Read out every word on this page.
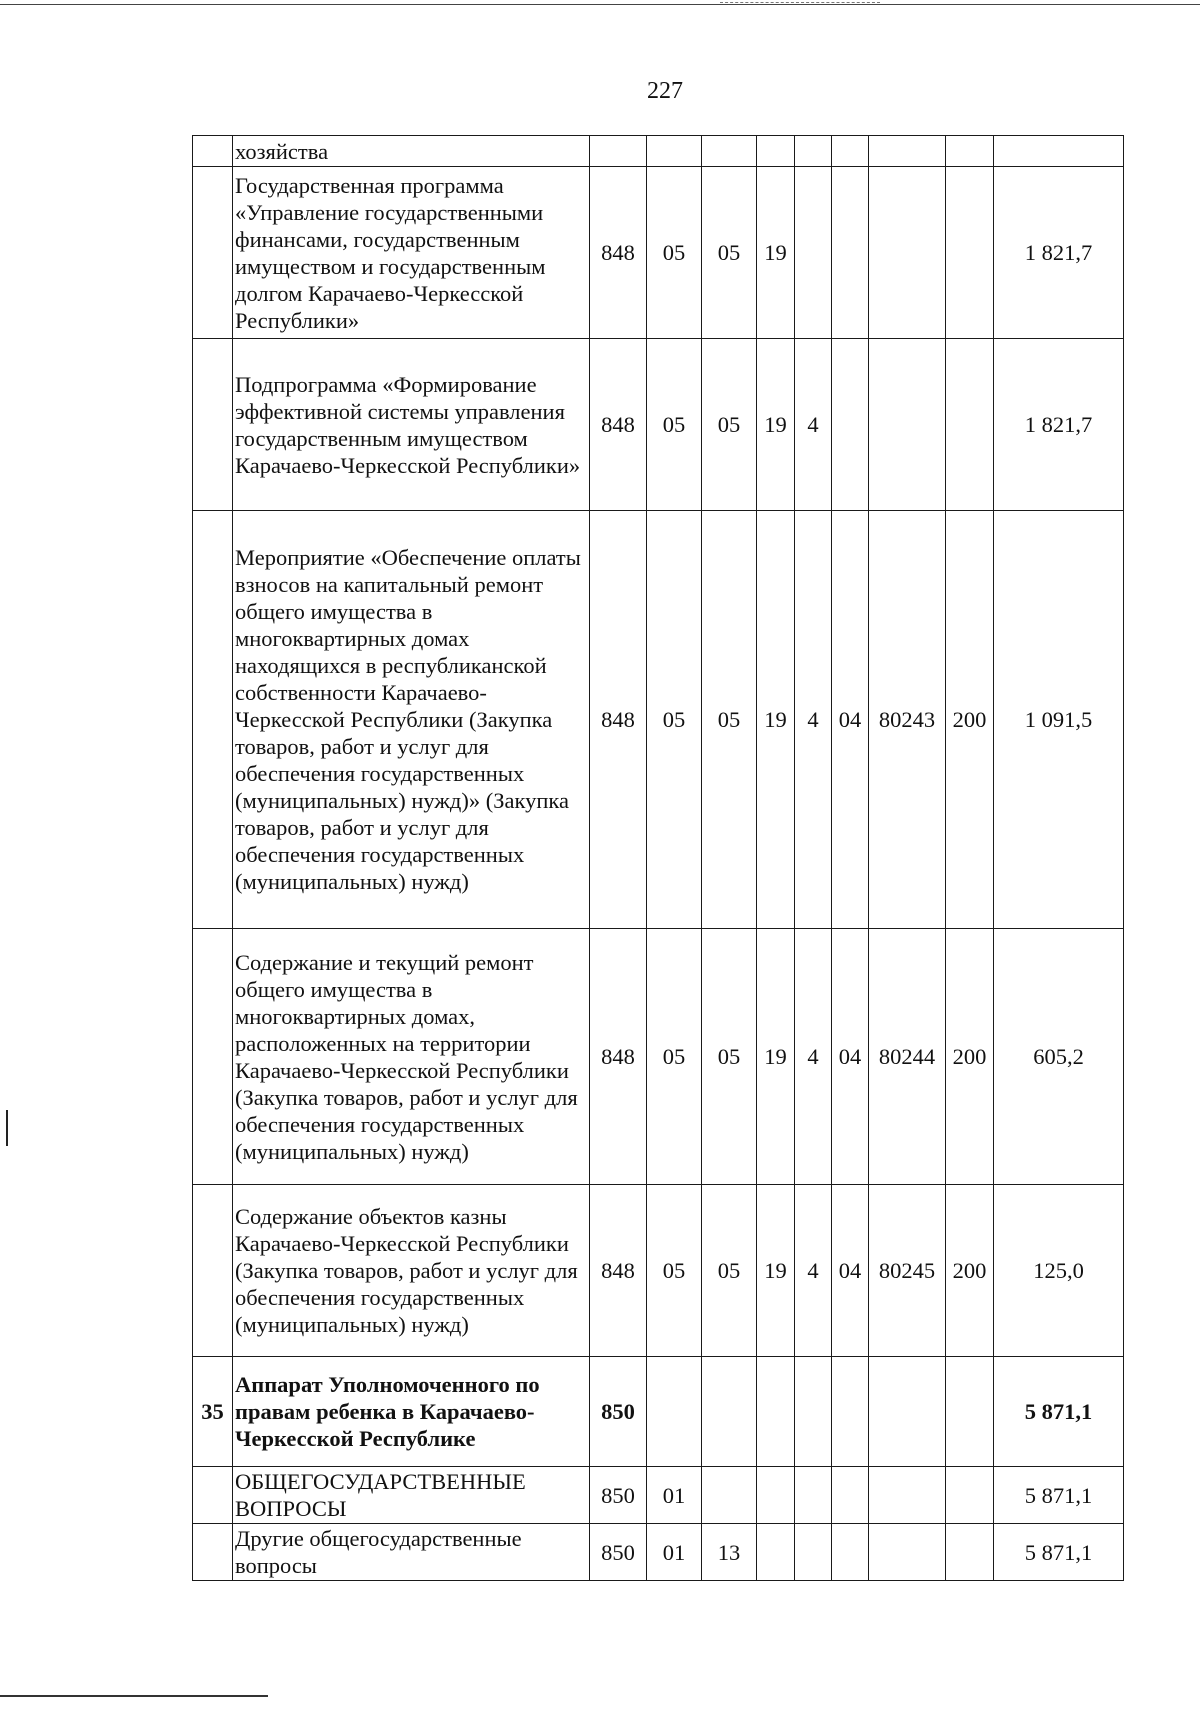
227
	хозяйства									
	Государственная программа «Управление государственными финансами, государственным имуществом и государственным долгом Карачаево-Черкесской Республики»	848	05	05	19					1 821,7
	Подпрограмма «Формирование эффективной системы управления государственным имуществом Карачаево-Черкесской Республики»	848	05	05	19	4				1 821,7
	Мероприятие «Обеспечение оплаты взносов на капитальный ремонт общего имущества в многоквартирных домах находящихся в республиканской собственности Карачаево-Черкесской Республики (Закупка товаров, работ и услуг для обеспечения государственных (муниципальных) нужд)» (Закупка товаров, работ и услуг для обеспечения государственных (муниципальных) нужд)	848	05	05	19	4	04	80243	200	1 091,5
	Содержание и текущий ремонт общего имущества в многоквартирных домах, расположенных на территории Карачаево-Черкесской Республики (Закупка товаров, работ и услуг для обеспечения государственных (муниципальных) нужд)	848	05	05	19	4	04	80244	200	605,2
	Содержание объектов казны Карачаево-Черкесской Республики (Закупка товаров, работ и услуг для обеспечения государственных (муниципальных) нужд)	848	05	05	19	4	04	80245	200	125,0
35	Аппарат Уполномоченного по правам ребенка в Карачаево-Черкесской Республике	850								5 871,1
	ОБЩЕГОСУДАРСТВЕННЫЕ ВОПРОСЫ	850	01							5 871,1
	Другие общегосударственные вопросы	850	01	13						5 871,1
